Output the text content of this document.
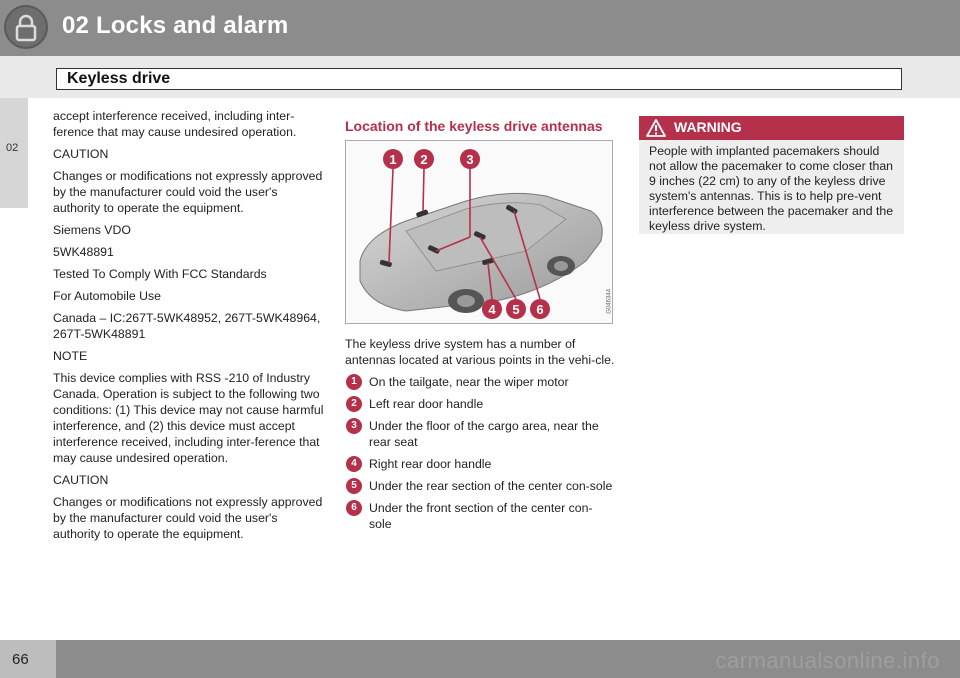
02 Locks and alarm
Keyless drive
02

accept interference received, including inter-ference that may cause undesired operation.

CAUTION

Changes or modifications not expressly approved by the manufacturer could void the user's authority to operate the equipment.

Siemens VDO

5WK48891

Tested To Comply With FCC Standards

For Automobile Use

Canada – IC:267T-5WK48952, 267T-5WK48964, 267T-5WK48891

NOTE

This device complies with RSS -210 of Industry Canada. Operation is subject to the following two conditions: (1) This device may not cause harmful interference, and (2) this device must accept interference received, including inter-ference that may cause undesired operation.

CAUTION

Changes or modifications not expressly approved by the manufacturer could void the user's authority to operate the equipment.

Location of the keyless drive antennas
1 2	3
4 5 6	G046344

The keyless drive system has a number of antennas located at various points in the vehi-cle.

1 On the tailgate, near the wiper motor
2 Left rear door handle
3 Under the floor of the cargo area, near the rear seat
4 Right rear door handle
5 Under the rear section of the center con-sole
6 Under the front section of the center con-sole
WARNING
People with implanted pacemakers should not allow the pacemaker to come closer than 9 inches (22 cm) to any of the keyless drive system's antennas. This is to help pre-vent interference between the pacemaker and the keyless drive system.
66	carmanualsonline.info
